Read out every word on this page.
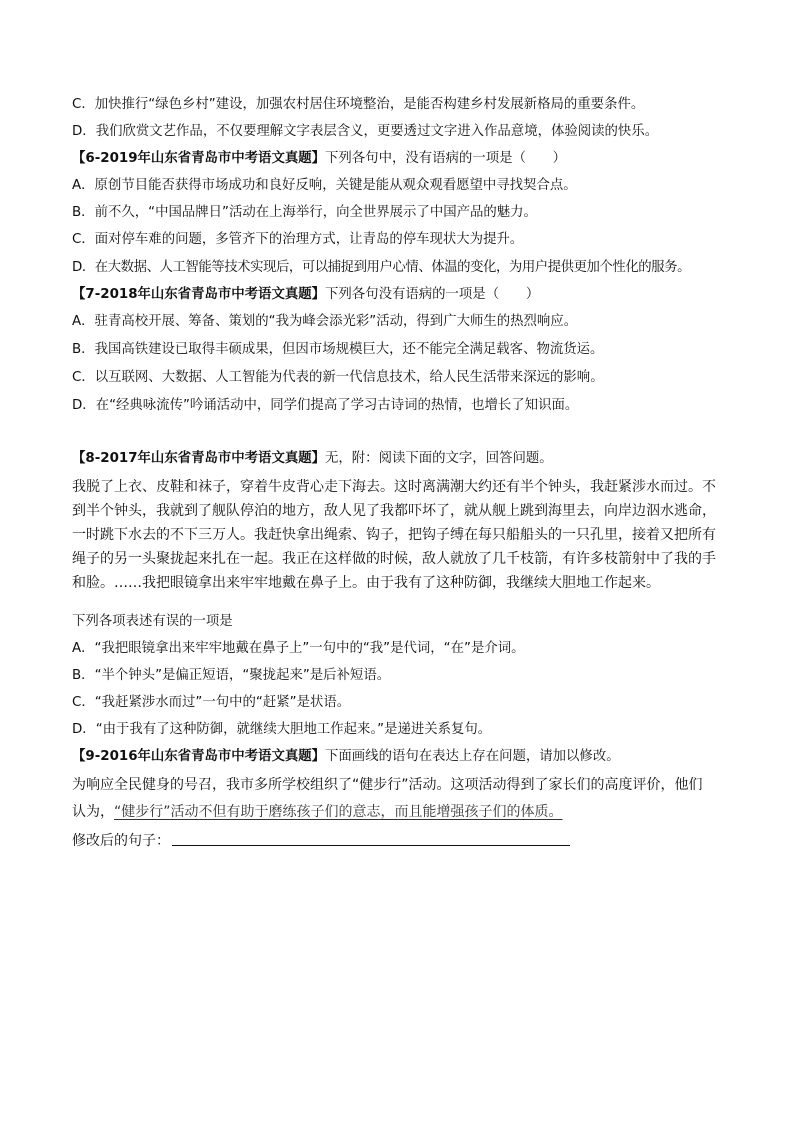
C．加快推行“绿色乡村”建设，加强农村居住环境整治，是能否构建乡村发展新格局的重要条件。
D．我们欣赏文艺作品，不仅要理解文字表层含义，更要透过文字进入作品意境，体验阅读的快乐。
【6-2019年山东省青岛市中考语文真题】下列各句中，没有语病的一项是（　　）
A．原创节目能否获得市场成功和良好反响，关键是能从观众观看愿望中寻找契合点。
B．前不久，“中国品牌日”活动在上海举行，向全世界展示了中国产品的魅力。
C．面对停车难的问题，多管齐下的治理方式，让青岛的停车现状大为提升。
D．在大数据、人工智能等技术实现后，可以捕捉到用户心情、体温的变化，为用户提供更加个性化的服务。
【7-2018年山东省青岛市中考语文真题】下列各句没有语病的一项是（　　）
A．驻青高校开展、筹备、策划的“我为峰会添光彩”活动，得到广大师生的热烈响应。
B．我国高铁建设已取得丰硕成果，但因市场规模巨大，还不能完全满足载客、物流货运。
C．以互联网、大数据、人工智能为代表的新一代信息技术，给人民生活带来深远的影响。
D．在“经典咏流传”吟诵活动中，同学们提高了学习古诗词的热情，也增长了知识面。
【8-2017年山东省青岛市中考语文真题】无，附：阅读下面的文字，回答问题。
我脱了上衣、皮鞋和袜子，穿着牛皮背心走下海去。这时离满潮大约还有半个钟头，我赶紧涉水而过。不到半个钟头，我就到了舰队停泊的地方，敌人见了我都吓坏了，就从舰上跳到海里去，向岸边泅水逃命，一时跳下水去的不下三万人。我赶快拿出绳索、钩子，把钩子缚在每只船船头的一只孔里，接着又把所有绳子的另一头聚拢起来扎在一起。我正在这样做的时候，敌人就放了几千枝箭，有许多枝箭射中了我的手和脸。……我把眼镜拿出来牢牢地戴在鼻子上。由于我有了这种防御，我继续大胆地工作起来。
下列各项表述有误的一项是
A．“我把眼镜拿出来牢牢地戴在鼻子上”一句中的“我”是代词，“在”是介词。
B．“半个钟头”是偏正短语，“聚拢起来”是后补短语。
C．“我赶紧涉水而过”一句中的“赶紧”是状语。
D．“由于我有了这种防御，就继续大胆地工作起来。”是递进关系复句。
【9-2016年山东省青岛市中考语文真题】下面画线的语句在表达上存在问题，请加以修改。
为响应全民健身的号召，我市多所学校组织了“健步行”活动。这项活动得到了家长们的高度评价，他们
认为，“健步行”活动不但有助于磨练孩子们的意志，而且能增强孩子们的体质。
修改后的句子：
